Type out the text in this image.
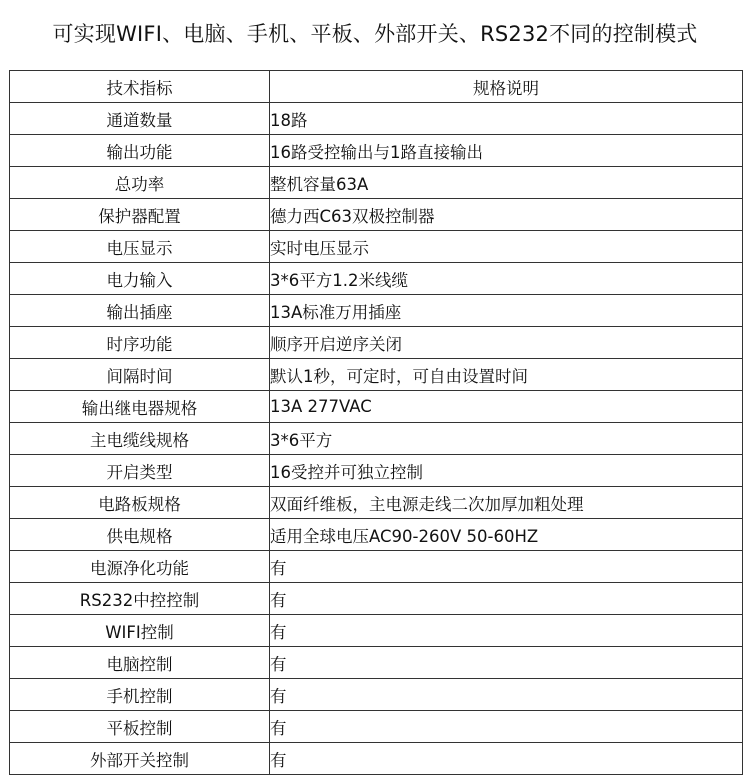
可实现WIFI、电脑、手机、平板、外部开关、RS232不同的控制模式
技术指标	规格说明
通道数量	18路
输出功能	16路受控输出与1路直接输出
总功率	整机容量63A
保护器配置	德力西C63双极控制器
电压显示	实时电压显示
电力输入	3*6平方1.2米线缆
输出插座	13A标准万用插座
时序功能	顺序开启逆序关闭
间隔时间	默认1秒，可定时，可自由设置时间
输出继电器规格	13A 277VAC
主电缆线规格	3*6平方
开启类型	16受控并可独立控制
电路板规格	双面纤维板，主电源走线二次加厚加粗处理
供电规格	适用全球电压AC90-260V 50-60HZ
电源净化功能	有
RS232中控控制	有
WIFI控制	有
电脑控制	有
手机控制	有
平板控制	有
外部开关控制	有
